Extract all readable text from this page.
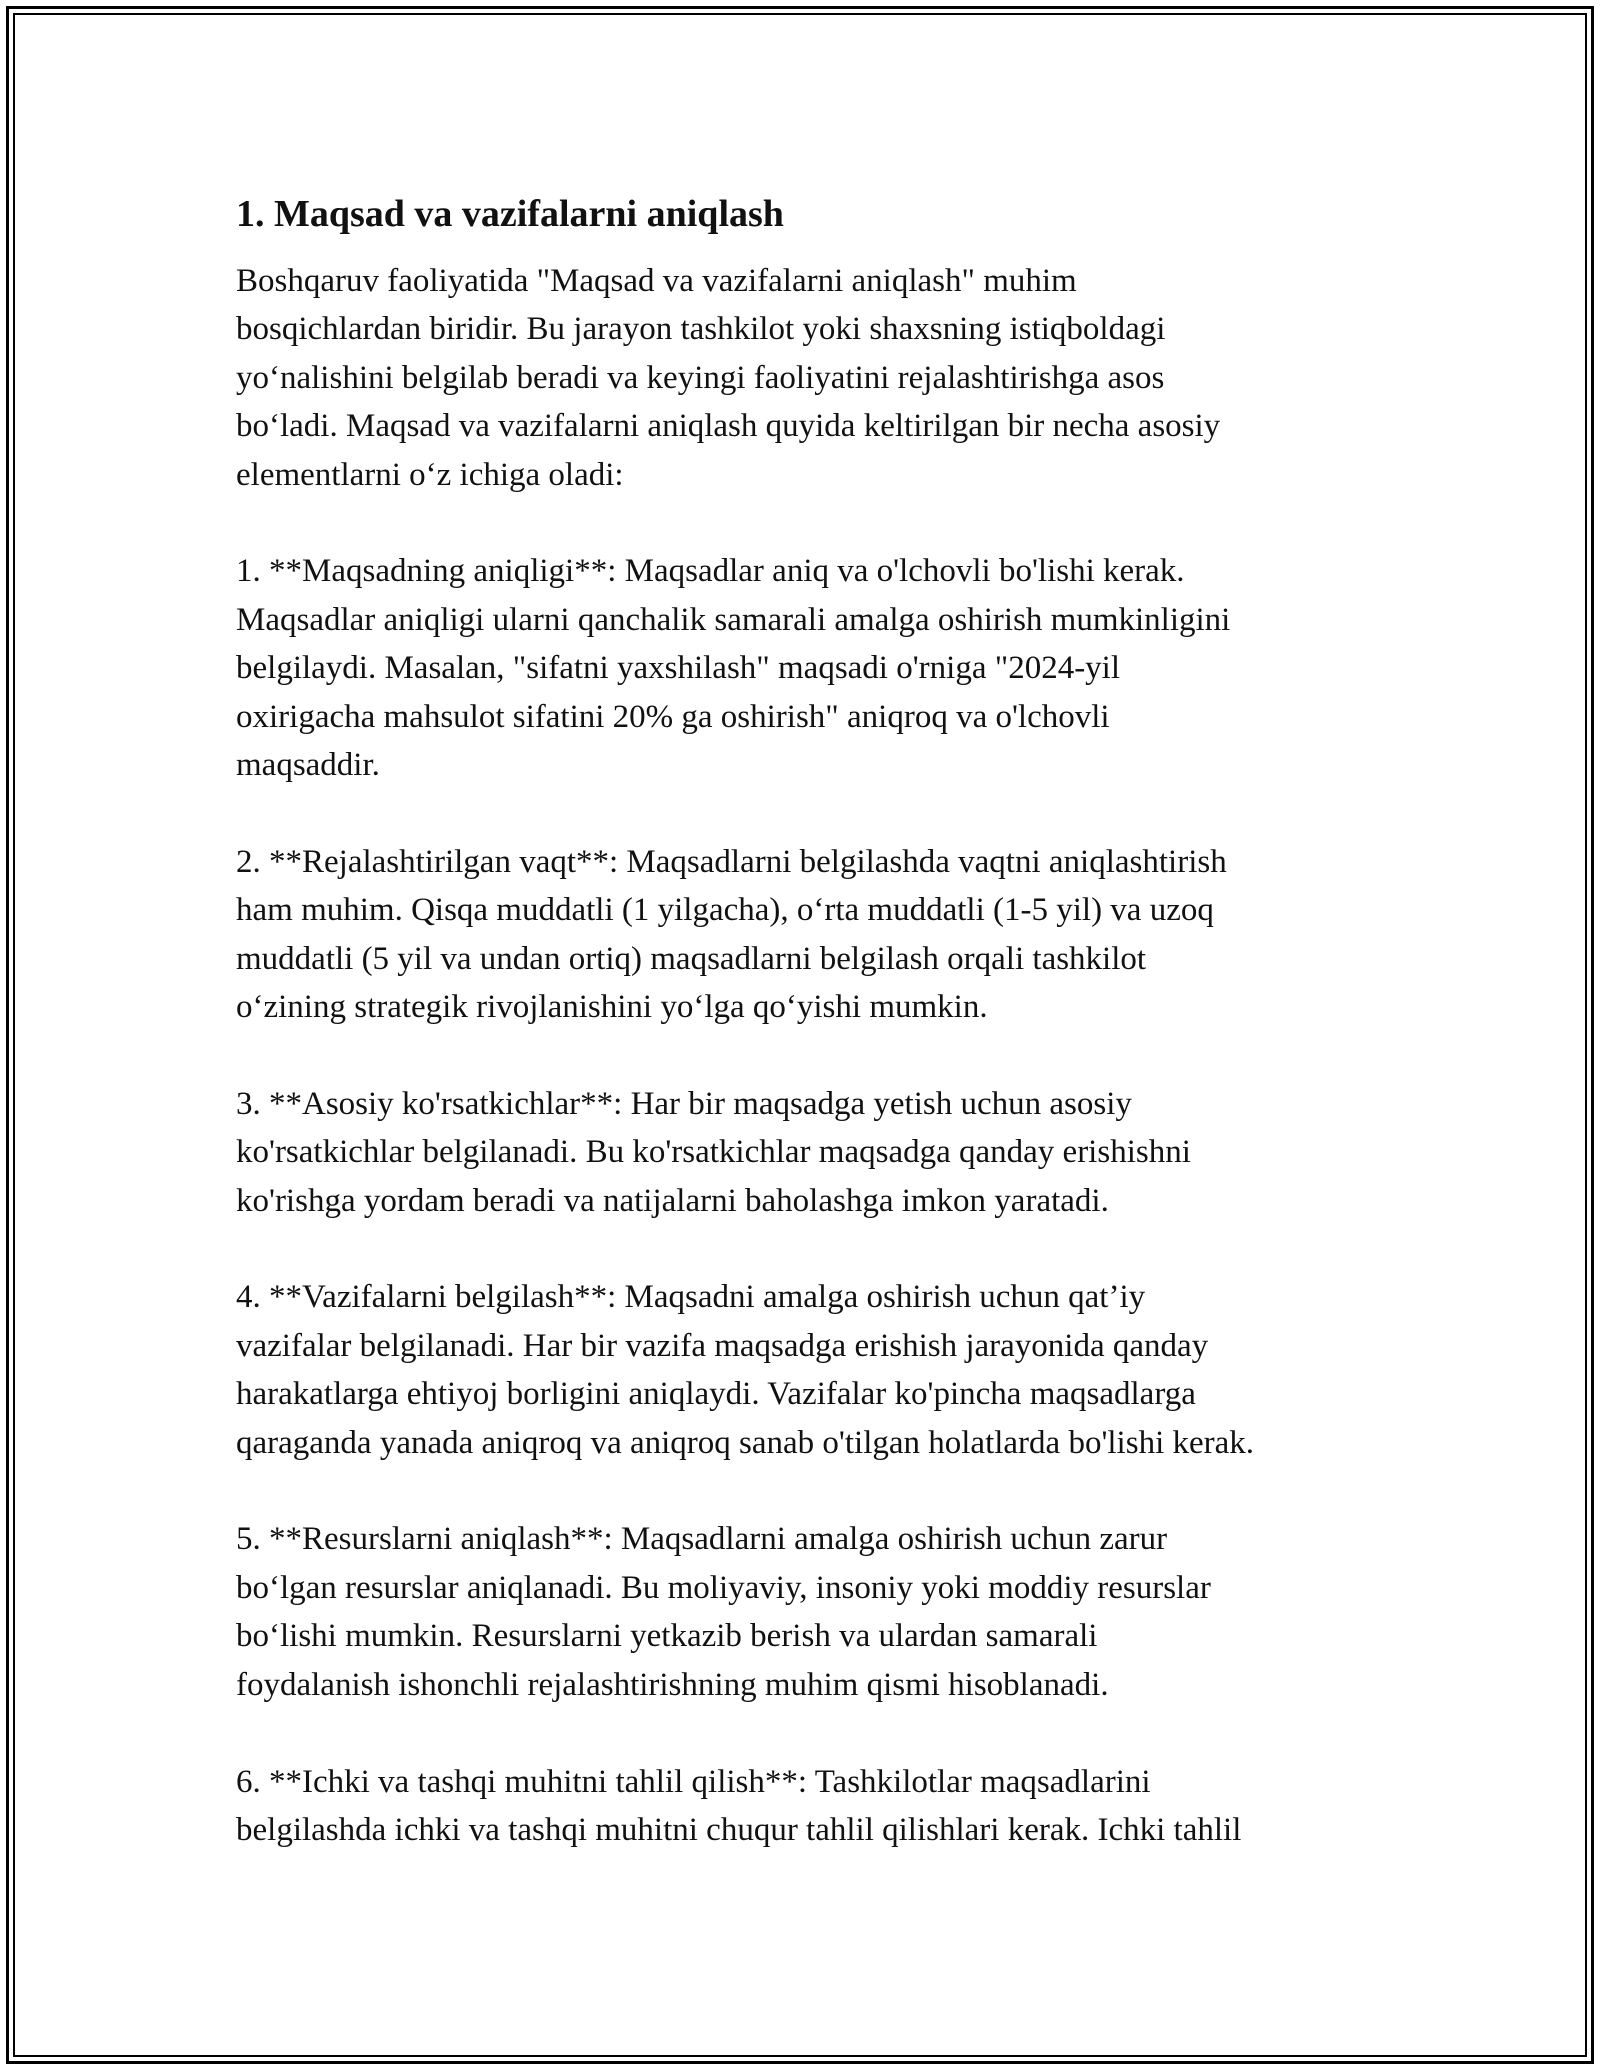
1. Maqsad va vazifalarni aniqlash

Boshqaruv faoliyatida "Maqsad va vazifalarni aniqlash" muhim
bosqichlardan biridir. Bu jarayon tashkilot yoki shaxsning istiqboldagi
yo‘nalishini belgilab beradi va keyingi faoliyatini rejalashtirishga asos
bo‘ladi. Maqsad va vazifalarni aniqlash quyida keltirilgan bir necha asosiy
elementlarni o‘z ichiga oladi:

1. **Maqsadning aniqligi**: Maqsadlar aniq va o'lchovli bo'lishi kerak.
Maqsadlar aniqligi ularni qanchalik samarali amalga oshirish mumkinligini
belgilaydi. Masalan, "sifatni yaxshilash" maqsadi o'rniga "2024-yil
oxirigacha mahsulot sifatini 20% ga oshirish" aniqroq va o'lchovli
maqsaddir.

2. **Rejalashtirilgan vaqt**: Maqsadlarni belgilashda vaqtni aniqlashtirish
ham muhim. Qisqa muddatli (1 yilgacha), o‘rta muddatli (1-5 yil) va uzoq
muddatli (5 yil va undan ortiq) maqsadlarni belgilash orqali tashkilot
o‘zining strategik rivojlanishini yo‘lga qo‘yishi mumkin.

3. **Asosiy ko'rsatkichlar**: Har bir maqsadga yetish uchun asosiy
ko'rsatkichlar belgilanadi. Bu ko'rsatkichlar maqsadga qanday erishishni
ko'rishga yordam beradi va natijalarni baholashga imkon yaratadi.

4. **Vazifalarni belgilash**: Maqsadni amalga oshirish uchun qat’iy
vazifalar belgilanadi. Har bir vazifa maqsadga erishish jarayonida qanday
harakatlarga ehtiyoj borligini aniqlaydi. Vazifalar ko'pincha maqsadlarga
qaraganda yanada aniqroq va aniqroq sanab o'tilgan holatlarda bo'lishi kerak.

5. **Resurslarni aniqlash**: Maqsadlarni amalga oshirish uchun zarur
bo‘lgan resurslar aniqlanadi. Bu moliyaviy, insoniy yoki moddiy resurslar
bo‘lishi mumkin. Resurslarni yetkazib berish va ulardan samarali
foydalanish ishonchli rejalashtirishning muhim qismi hisoblanadi.

6. **Ichki va tashqi muhitni tahlil qilish**: Tashkilotlar maqsadlarini
belgilashda ichki va tashqi muhitni chuqur tahlil qilishlari kerak. Ichki tahlil
